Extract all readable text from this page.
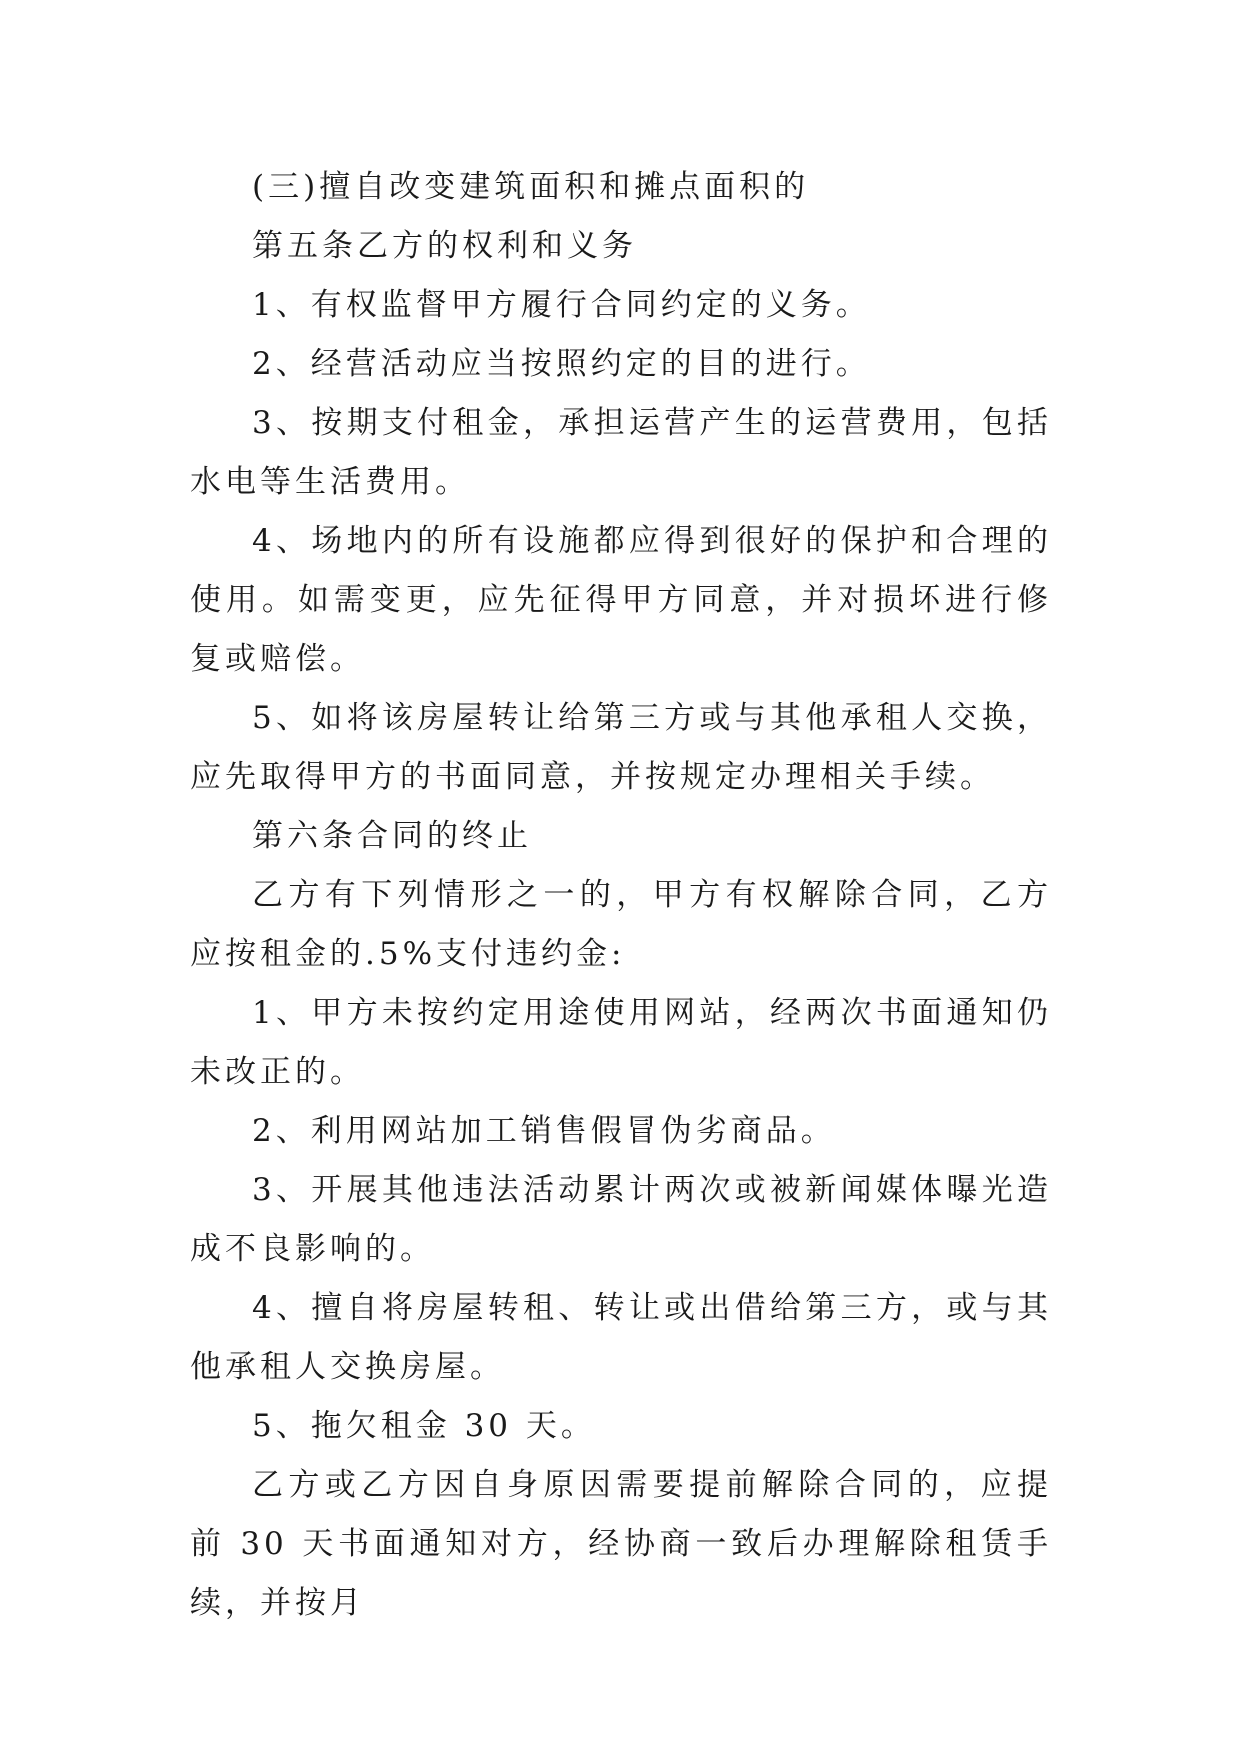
(三)擅自改变建筑面积和摊点面积的

第五条乙方的权利和义务

1、有权监督甲方履行合同约定的义务。

2、经营活动应当按照约定的目的进行。

3、按期支付租金，承担运营产生的运营费用，包括水电等生活费用。

4、场地内的所有设施都应得到很好的保护和合理的使用。如需变更，应先征得甲方同意，并对损坏进行修复或赔偿。

5、如将该房屋转让给第三方或与其他承租人交换，应先取得甲方的书面同意，并按规定办理相关手续。

第六条合同的终止

乙方有下列情形之一的，甲方有权解除合同，乙方应按租金的.5%支付违约金:

1、甲方未按约定用途使用网站，经两次书面通知仍未改正的。

2、利用网站加工销售假冒伪劣商品。

3、开展其他违法活动累计两次或被新闻媒体曝光造成不良影响的。

4、擅自将房屋转租、转让或出借给第三方，或与其他承租人交换房屋。

5、拖欠租金 30 天。

乙方或乙方因自身原因需要提前解除合同的，应提前 30 天书面通知对方，经协商一致后办理解除租赁手续，并按月
